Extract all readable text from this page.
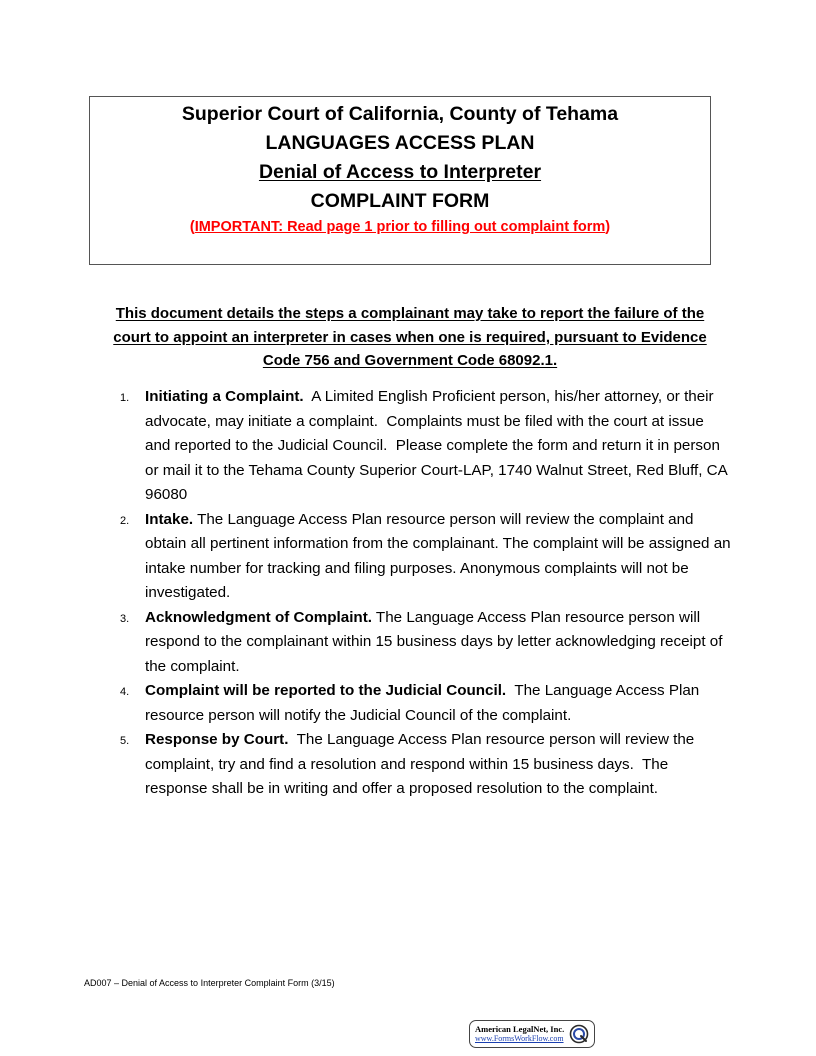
Superior Court of California, County of Tehama
LANGUAGES ACCESS PLAN
Denial of Access to Interpreter
COMPLAINT FORM
(IMPORTANT: Read page 1 prior to filling out complaint form)
This document details the steps a complainant may take to report the failure of the court to appoint an interpreter in cases when one is required, pursuant to Evidence Code 756 and Government Code 68092.1.
1. Initiating a Complaint.  A Limited English Proficient person, his/her attorney, or their advocate, may initiate a complaint.  Complaints must be filed with the court at issue and reported to the Judicial Council.  Please complete the form and return it in person or mail it to the Tehama County Superior Court-LAP, 1740 Walnut Street, Red Bluff, CA 96080
2. Intake. The Language Access Plan resource person will review the complaint and obtain all pertinent information from the complainant. The complaint will be assigned an intake number for tracking and filing purposes. Anonymous complaints will not be investigated.
3. Acknowledgment of Complaint. The Language Access Plan resource person will respond to the complainant within 15 business days by letter acknowledging receipt of the complaint.
4. Complaint will be reported to the Judicial Council.  The Language Access Plan resource person will notify the Judicial Council of the complaint.
5. Response by Court.  The Language Access Plan resource person will review the complaint, try and find a resolution and respond within 15 business days.  The response shall be in writing and offer a proposed resolution to the complaint.
AD007 – Denial of Access to Interpreter Complaint Form (3/15)
American LegalNet, Inc.
www.FormsWorkFlow.com
